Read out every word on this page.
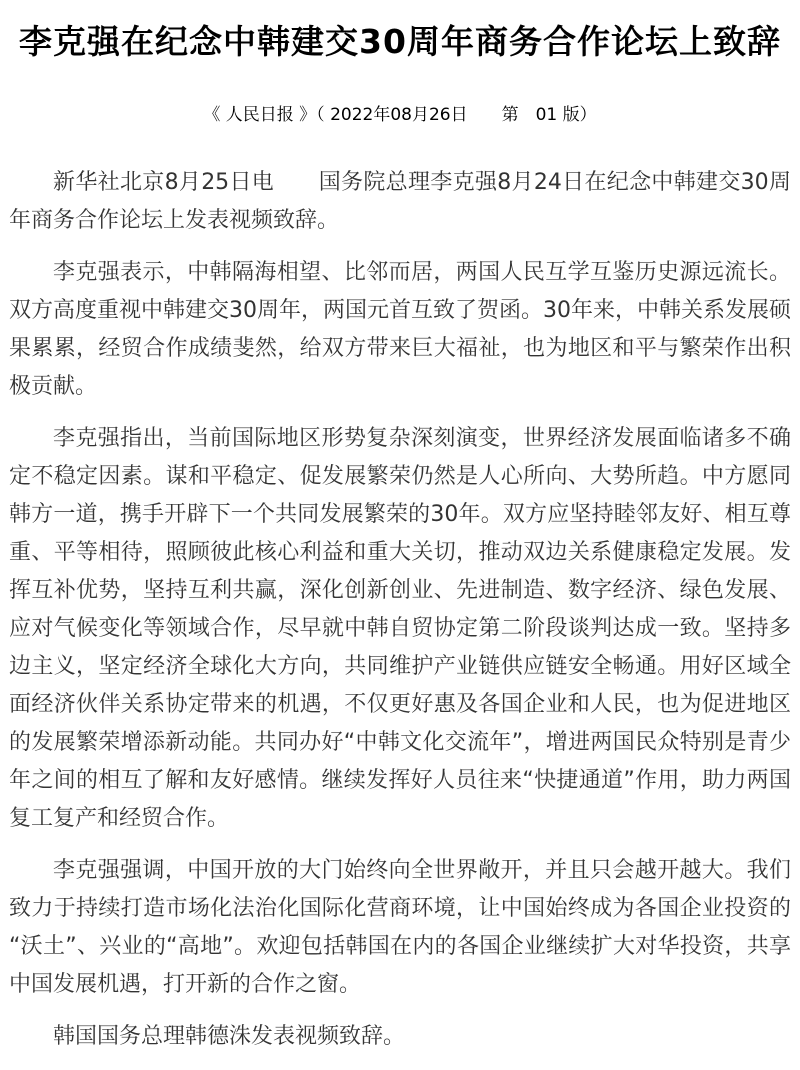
李克强在纪念中韩建交30周年商务合作论坛上致辞
《 人民日报 》（ 2022年08月26日　　第　01 版）

新华社北京8月25日电　　国务院总理李克强8月24日在纪念中韩建交30周年商务合作论坛上发表视频致辞。

李克强表示，中韩隔海相望、比邻而居，两国人民互学互鉴历史源远流长。双方高度重视中韩建交30周年，两国元首互致了贺函。30年来，中韩关系发展硕果累累，经贸合作成绩斐然，给双方带来巨大福祉，也为地区和平与繁荣作出积极贡献。

李克强指出，当前国际地区形势复杂深刻演变，世界经济发展面临诸多不确定不稳定因素。谋和平稳定、促发展繁荣仍然是人心所向、大势所趋。中方愿同韩方一道，携手开辟下一个共同发展繁荣的30年。双方应坚持睦邻友好、相互尊重、平等相待，照顾彼此核心利益和重大关切，推动双边关系健康稳定发展。发挥互补优势，坚持互利共赢，深化创新创业、先进制造、数字经济、绿色发展、应对气候变化等领域合作，尽早就中韩自贸协定第二阶段谈判达成一致。坚持多边主义，坚定经济全球化大方向，共同维护产业链供应链安全畅通。用好区域全面经济伙伴关系协定带来的机遇，不仅更好惠及各国企业和人民，也为促进地区的发展繁荣增添新动能。共同办好“中韩文化交流年”，增进两国民众特别是青少年之间的相互了解和友好感情。继续发挥好人员往来“快捷通道”作用，助力两国复工复产和经贸合作。

李克强强调，中国开放的大门始终向全世界敞开，并且只会越开越大。我们致力于持续打造市场化法治化国际化营商环境，让中国始终成为各国企业投资的“沃土”、兴业的“高地”。欢迎包括韩国在内的各国企业继续扩大对华投资，共享中国发展机遇，打开新的合作之窗。

韩国国务总理韩德洙发表视频致辞。
